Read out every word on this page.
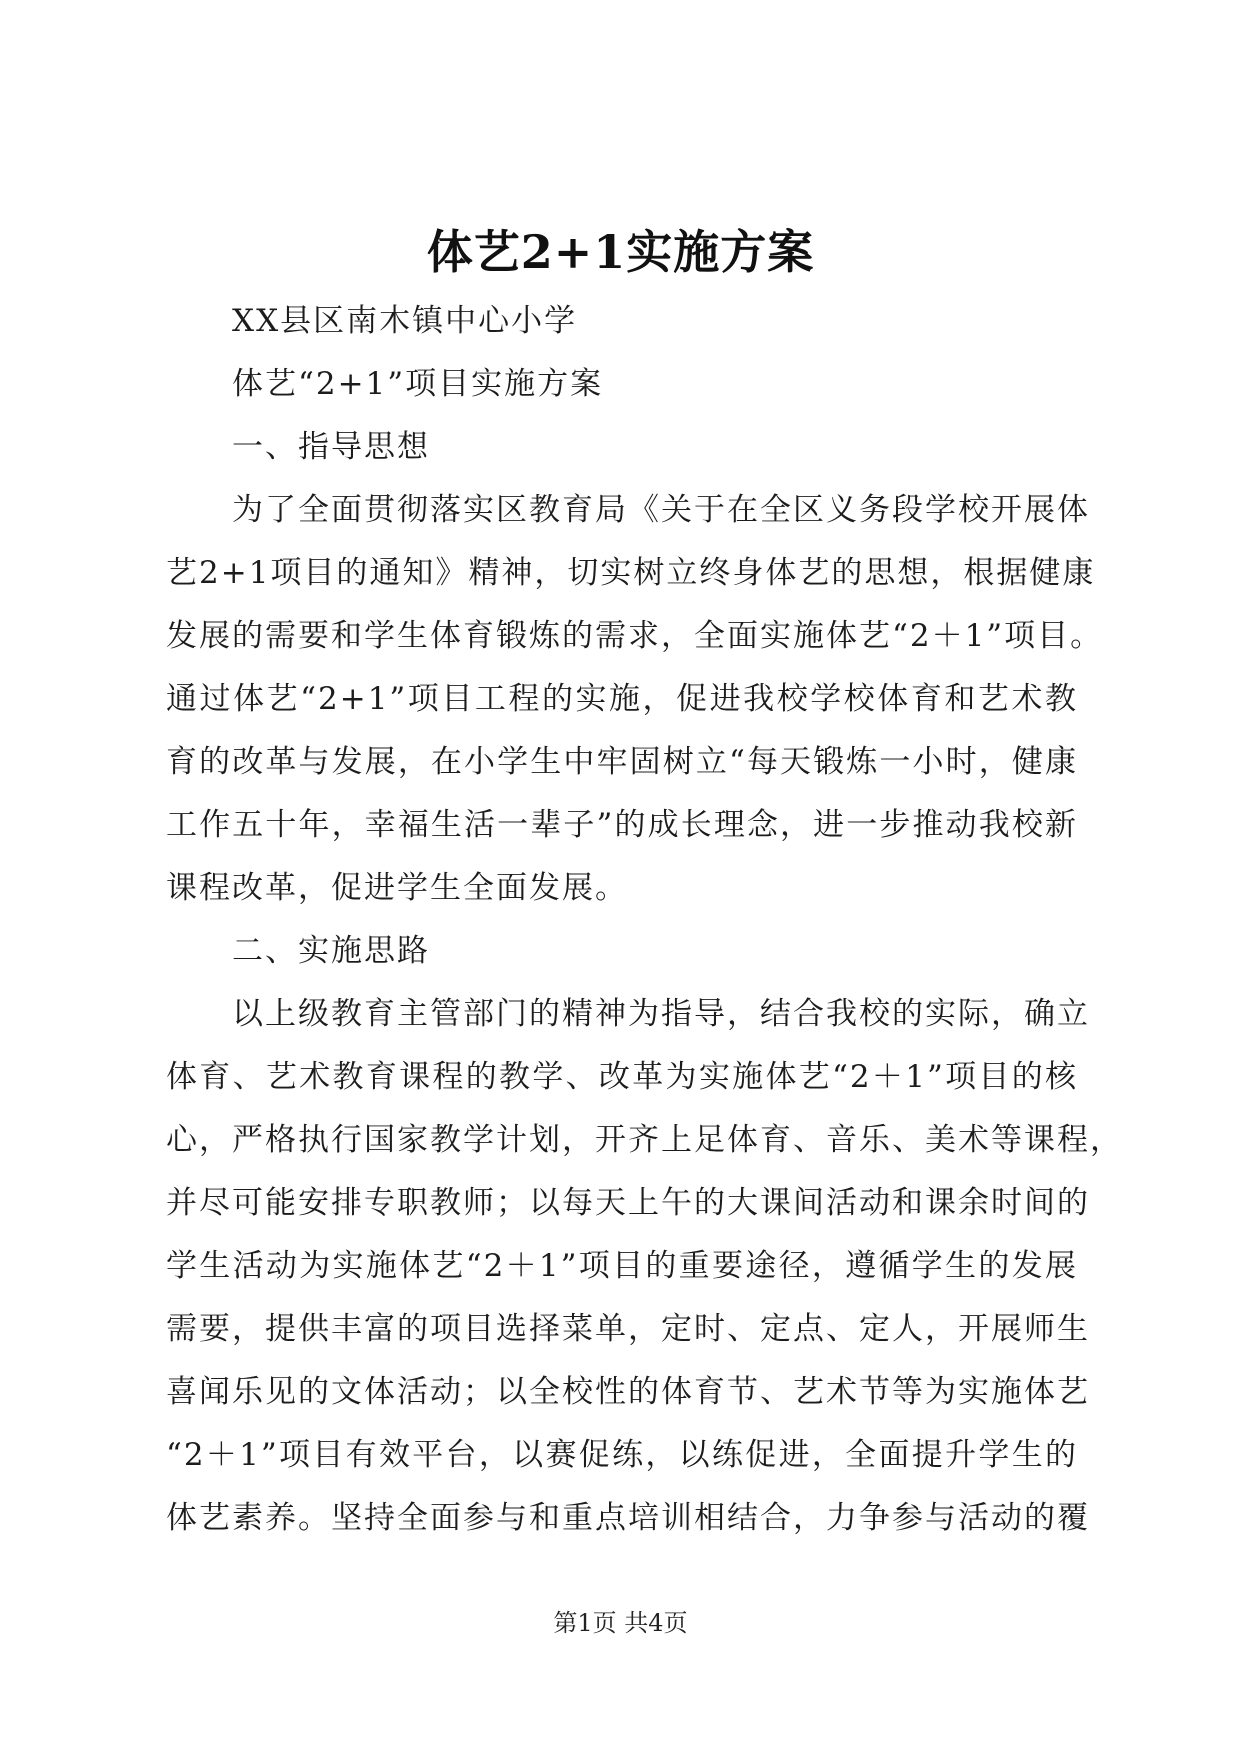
体艺2+1实施方案

XX县区南木镇中心小学

体艺“2+1”项目实施方案

一、指导思想

为了全面贯彻落实区教育局《关于在全区义务段学校开展体

艺2+1项目的通知》精神，切实树立终身体艺的思想，根据健康

发展的需要和学生体育锻炼的需求，全面实施体艺“2＋1”项目。

通过体艺“2+1”项目工程的实施，促进我校学校体育和艺术教

育的改革与发展，在小学生中牢固树立“每天锻炼一小时，健康

工作五十年，幸福生活一辈子”的成长理念，进一步推动我校新

课程改革，促进学生全面发展。

二、实施思路

以上级教育主管部门的精神为指导，结合我校的实际，确立

体育、艺术教育课程的教学、改革为实施体艺“2＋1”项目的核

心，严格执行国家教学计划，开齐上足体育、音乐、美术等课程，

并尽可能安排专职教师；以每天上午的大课间活动和课余时间的

学生活动为实施体艺“2＋1”项目的重要途径，遵循学生的发展

需要，提供丰富的项目选择菜单，定时、定点、定人，开展师生

喜闻乐见的文体活动；以全校性的体育节、艺术节等为实施体艺

“2＋1”项目有效平台，以赛促练，以练促进，全面提升学生的

体艺素养。坚持全面参与和重点培训相结合，力争参与活动的覆

第1页 共4页
